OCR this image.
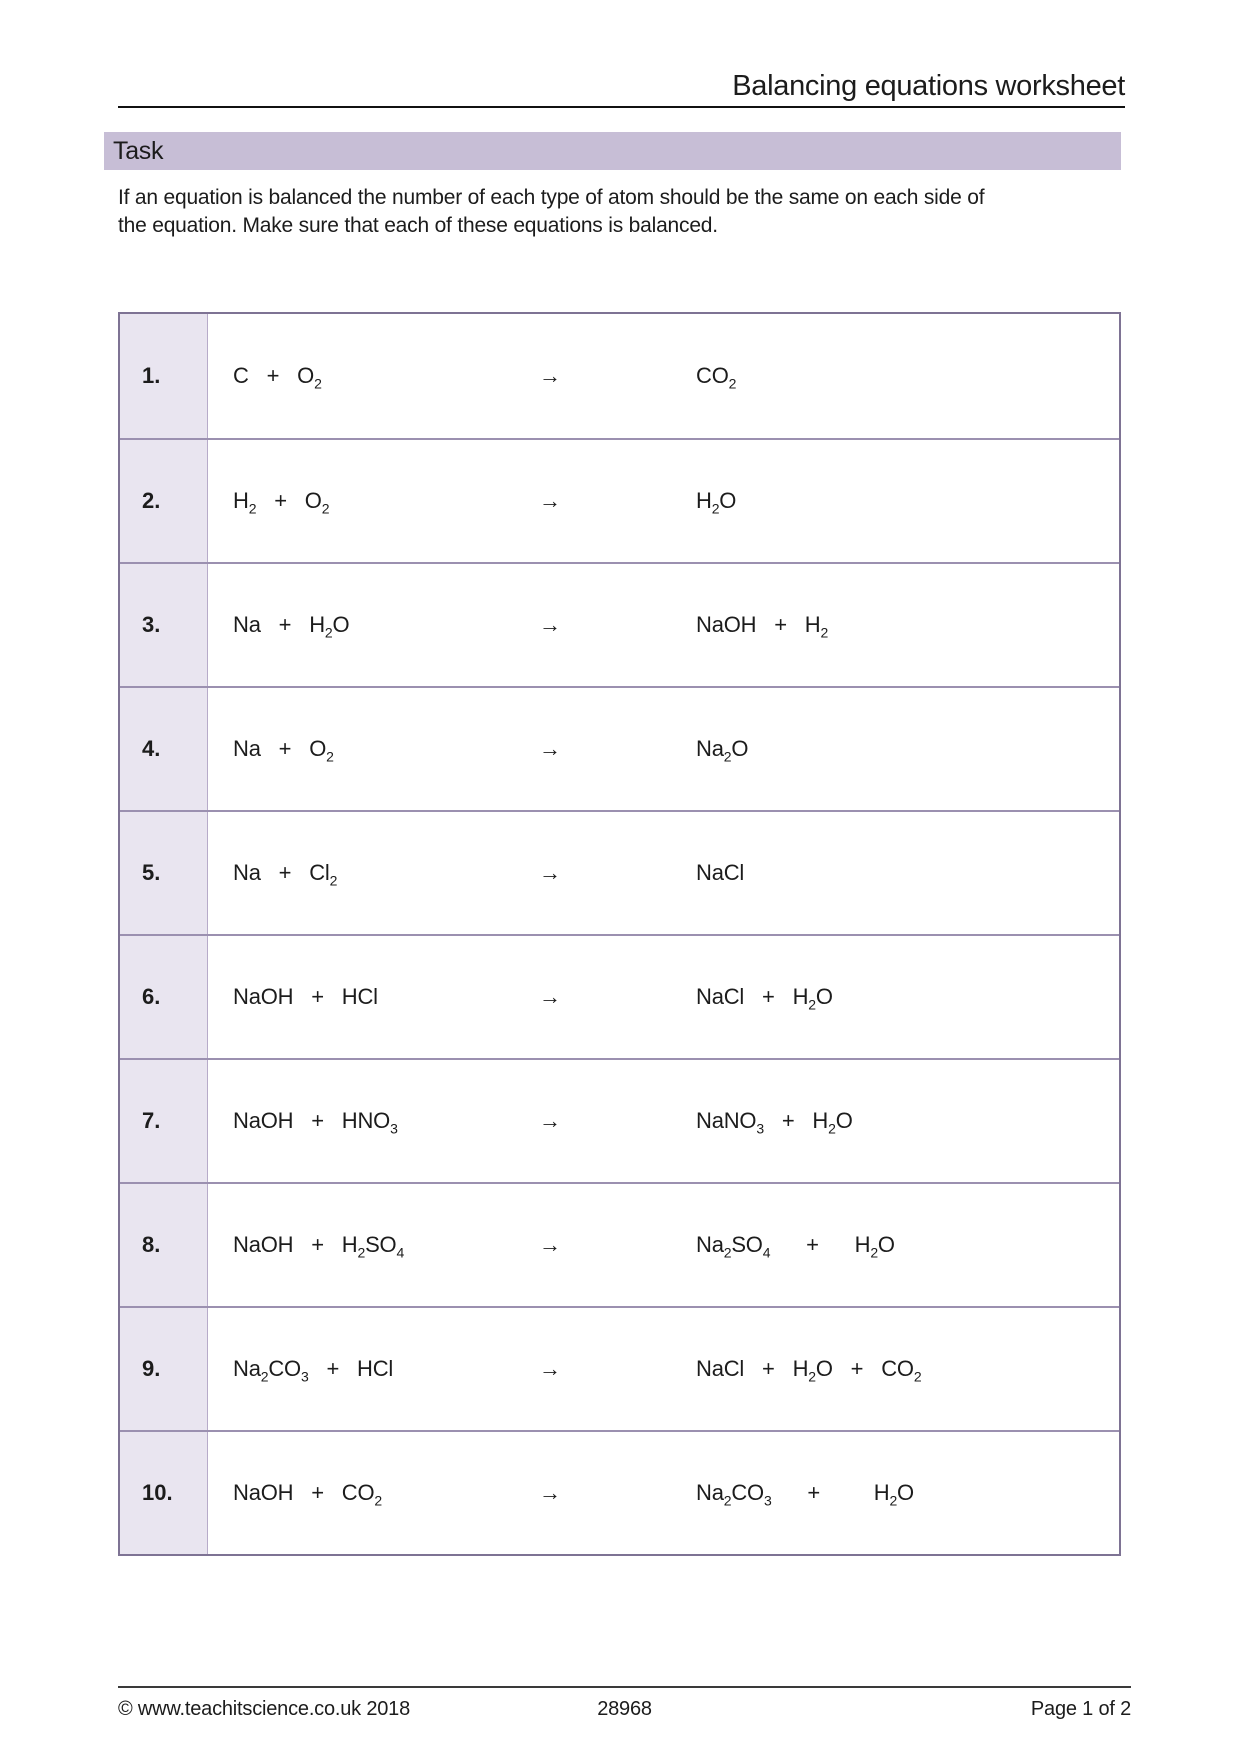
Balancing equations worksheet
Task

If an equation is balanced the number of each type of atom should be the same on each side of
the equation. Make sure that each of these equations is balanced.

1.	$C + O_2$	→	$CO_2$
2.	$H_2 + O_2$	→	$H_2O$
3.	$Na + H_2O$	→	NaOH + $H_2$
4.	$Na + O_2$	→	$Na_2O$
5.	$Na + Cl_2$	→	NaCl
6.	NaOH + HCl	→	NaCl + $H_2O$
7.	NaOH + $HNO_3$	→	NaNO$_3$ + $H_2O$
8.	NaOH + $H_2SO_4$	→	$Na_2SO_4 + H_2O$
9.	$Na_2CO_3$ + HCl	→	NaCl + $H_2O + CO_2$
10.	NaOH + $CO_2$	→	$Na_2CO_3 + H_2O$
© www.teachitscience.co.uk 2018	28968	Page 1 of 2
